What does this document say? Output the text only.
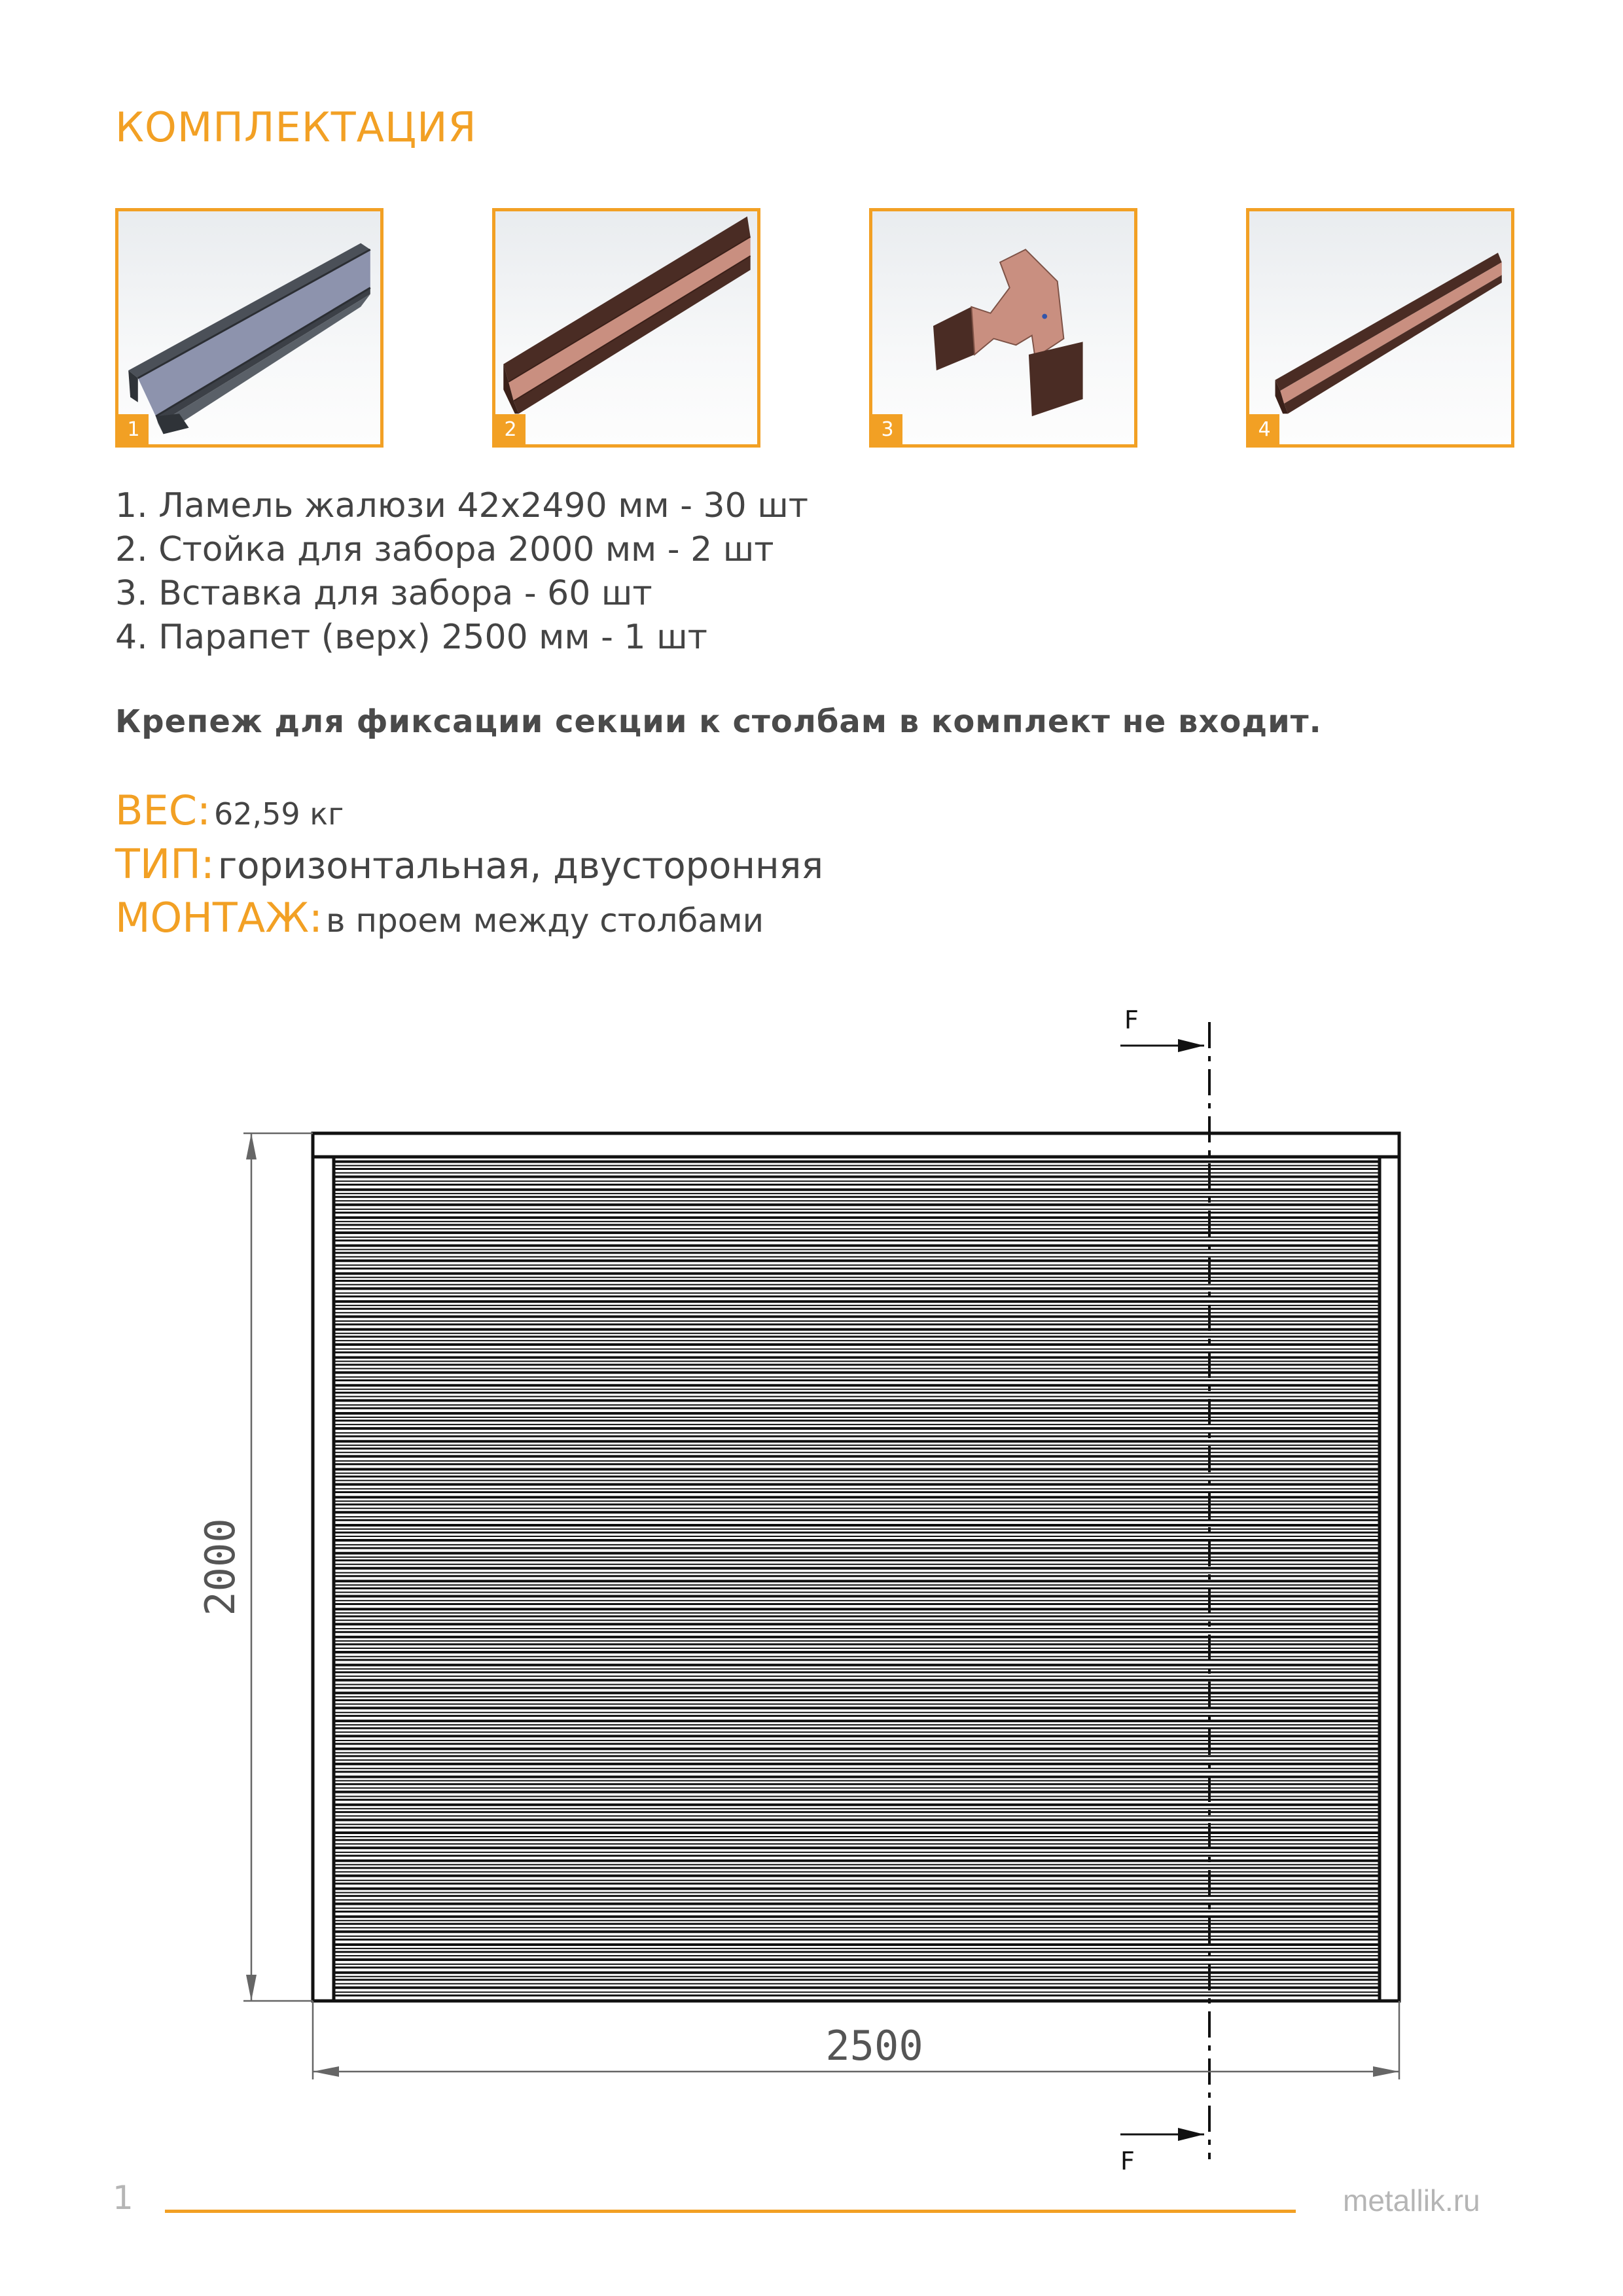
КОМПЛЕКТАЦИЯ
1	2	3	4
1. Ламель жалюзи 42х2490 мм - 30 шт
2. Стойка для забора 2000 мм - 2 шт
3. Вставка для забора - 60 шт
4. Парапет (верх) 2500 мм - 1 шт
Крепеж для фиксации секции к столбам в комплект не входит.
ВЕС: 62,59 кг
ТИП: горизонтальная, двусторонняя
МОНТАЖ: в проем между столбами
F
F
2000
2500
1	metallik.ru
